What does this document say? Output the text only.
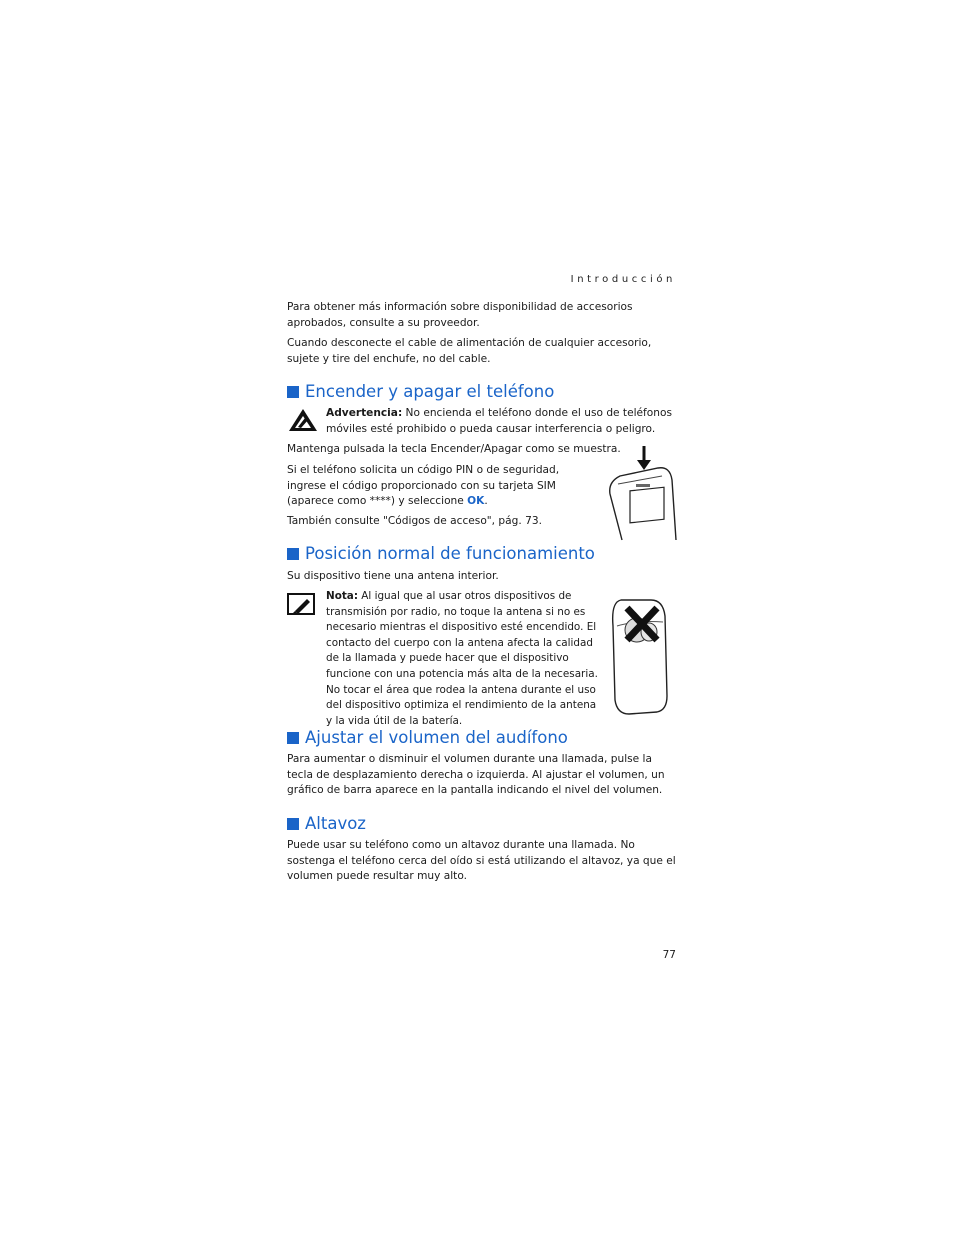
Introducción

Para obtener más información sobre disponibilidad de accesorios aprobados, consulte a su proveedor.

Cuando desconecte el cable de alimentación de cualquier accesorio, sujete y tire del enchufe, no del cable.

Encender y apagar el teléfono

Advertencia: No encienda el teléfono donde el uso de teléfonos móviles esté prohibido o pueda causar interferencia o peligro.

Mantenga pulsada la tecla Encender/Apagar como se muestra.

Si el teléfono solicita un código PIN o de seguridad, ingrese el código proporcionado con su tarjeta SIM (aparece como ****) y seleccione OK.

También consulte "Códigos de acceso", pág. 73.

Posición normal de funcionamiento

Su dispositivo tiene una antena interior.

Nota: Al igual que al usar otros dispositivos de transmisión por radio, no toque la antena si no es necesario mientras el dispositivo esté encendido. El contacto del cuerpo con la antena afecta la calidad de la llamada y puede hacer que el dispositivo funcione con una potencia más alta de la necesaria. No tocar el área que rodea la antena durante el uso del dispositivo optimiza el rendimiento de la antena y la vida útil de la batería.

Ajustar el volumen del audífono

Para aumentar o disminuir el volumen durante una llamada, pulse la tecla de desplazamiento derecha o izquierda. Al ajustar el volumen, un gráfico de barra aparece en la pantalla indicando el nivel del volumen.

Altavoz

Puede usar su teléfono como un altavoz durante una llamada. No sostenga el teléfono cerca del oído si está utilizando el altavoz, ya que el volumen puede resultar muy alto.

77
